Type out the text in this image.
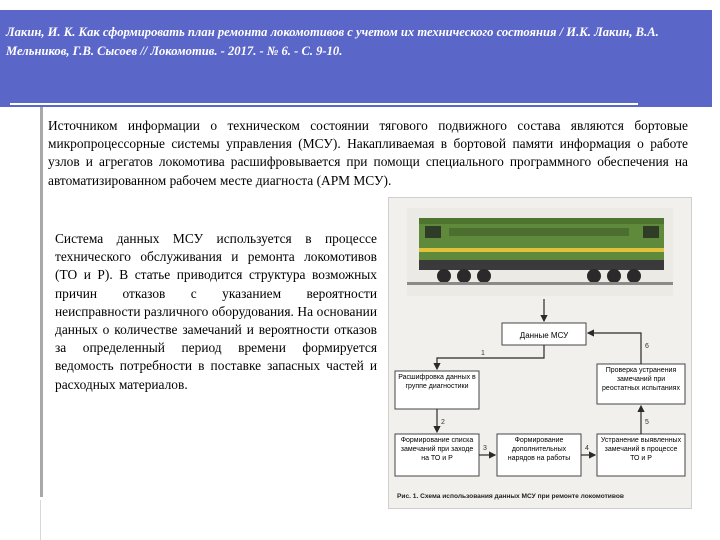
Лакин, И. К. Как сформировать план ремонта локомотивов с учетом их технического состояния / И.К. Лакин, В.А. Мельников, Г.В. Сысоев // Локомотив. - 2017. - № 6. - С. 9-10.
Источником информации о техническом состоянии тягового подвижного состава являются бортовые микропроцессорные системы управления (МСУ). Накапливаемая в бортовой памяти информация о работе узлов и агрегатов локомотива расшифровывается при помощи специального программного обеспечения на автоматизированном рабочем месте диагноста (АРМ МСУ).
Система данных МСУ используется в процессе технического обслуживания и ремонта локомотивов (ТО и Р). В статье приводится структура возможных причин отказов с указанием вероятности неисправности различного оборудования. На основании данных о количестве замечаний и вероятности отказов за определенный период времени формируется ведомость потребности в поставке запасных частей и расходных материалов.
Данные МСУ
Расшифровка данных в группе диагностики
Проверка устранения замечаний при реостатных испытаниях
Формирование списка замечаний при заходе на ТО и Р
Формирование дополнительных нарядов на работы
Устранение выявленных замечаний в процессе ТО и Р
1
2
3	4
5
6
Рис. 1. Схема использования данных МСУ при ремонте локомотивов
